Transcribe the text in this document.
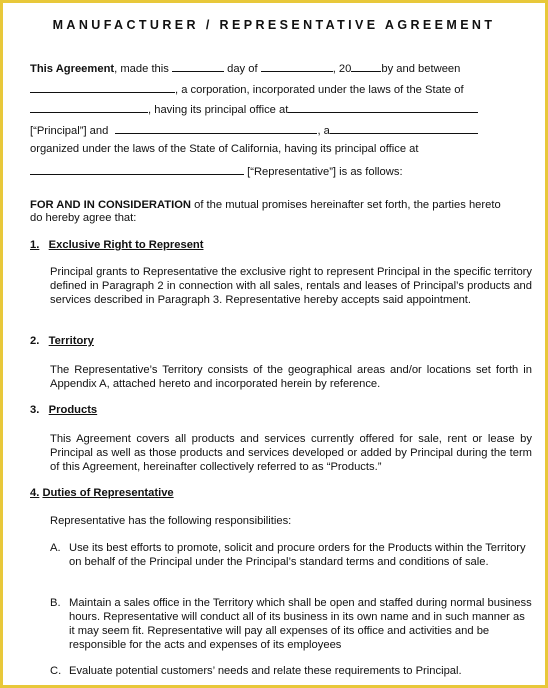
MANUFACTURER / REPRESENTATIVE AGREEMENT
This Agreement, made this	day of	, 20	by and between
, a corporation, incorporated under the laws of the State of
, having its principal office at
[“Principal”] and	, a
organized under the laws of the State of California, having its principal office at
[“Representative”] is as follows:
FOR AND IN CONSIDERATION of the mutual promises hereinafter set forth, the parties hereto
do hereby agree that:
1. Exclusive Right to Represent
Principal grants to Representative the exclusive right to represent Principal in the specific territory defined in Paragraph 2 in connection with all sales, rentals and leases of Principal’s products and services described in Paragraph 3. Representative hereby accepts said appointment.
2. Territory
The Representative’s Territory consists of the geographical areas and/or locations set forth in Appendix A, attached hereto and incorporated herein by reference.
3. Products
This Agreement covers all products and services currently offered for sale, rent or lease by Principal as well as those products and services developed or added by Principal during the term of this Agreement, hereinafter collectively referred to as “Products.”
4. Duties of Representative
Representative has the following responsibilities:
A. Use its best efforts to promote, solicit and procure orders for the Products within the Territory on behalf of the Principal under the Principal’s standard terms and conditions of sale.
B. Maintain a sales office in the Territory which shall be open and staffed during normal business hours. Representative will conduct all of its business in its own name and in such manner as it may seem fit. Representative will pay all expenses of its office and activities and be responsible for the acts and expenses of its employees
C. Evaluate potential customers’ needs and relate these requirements to Principal.
